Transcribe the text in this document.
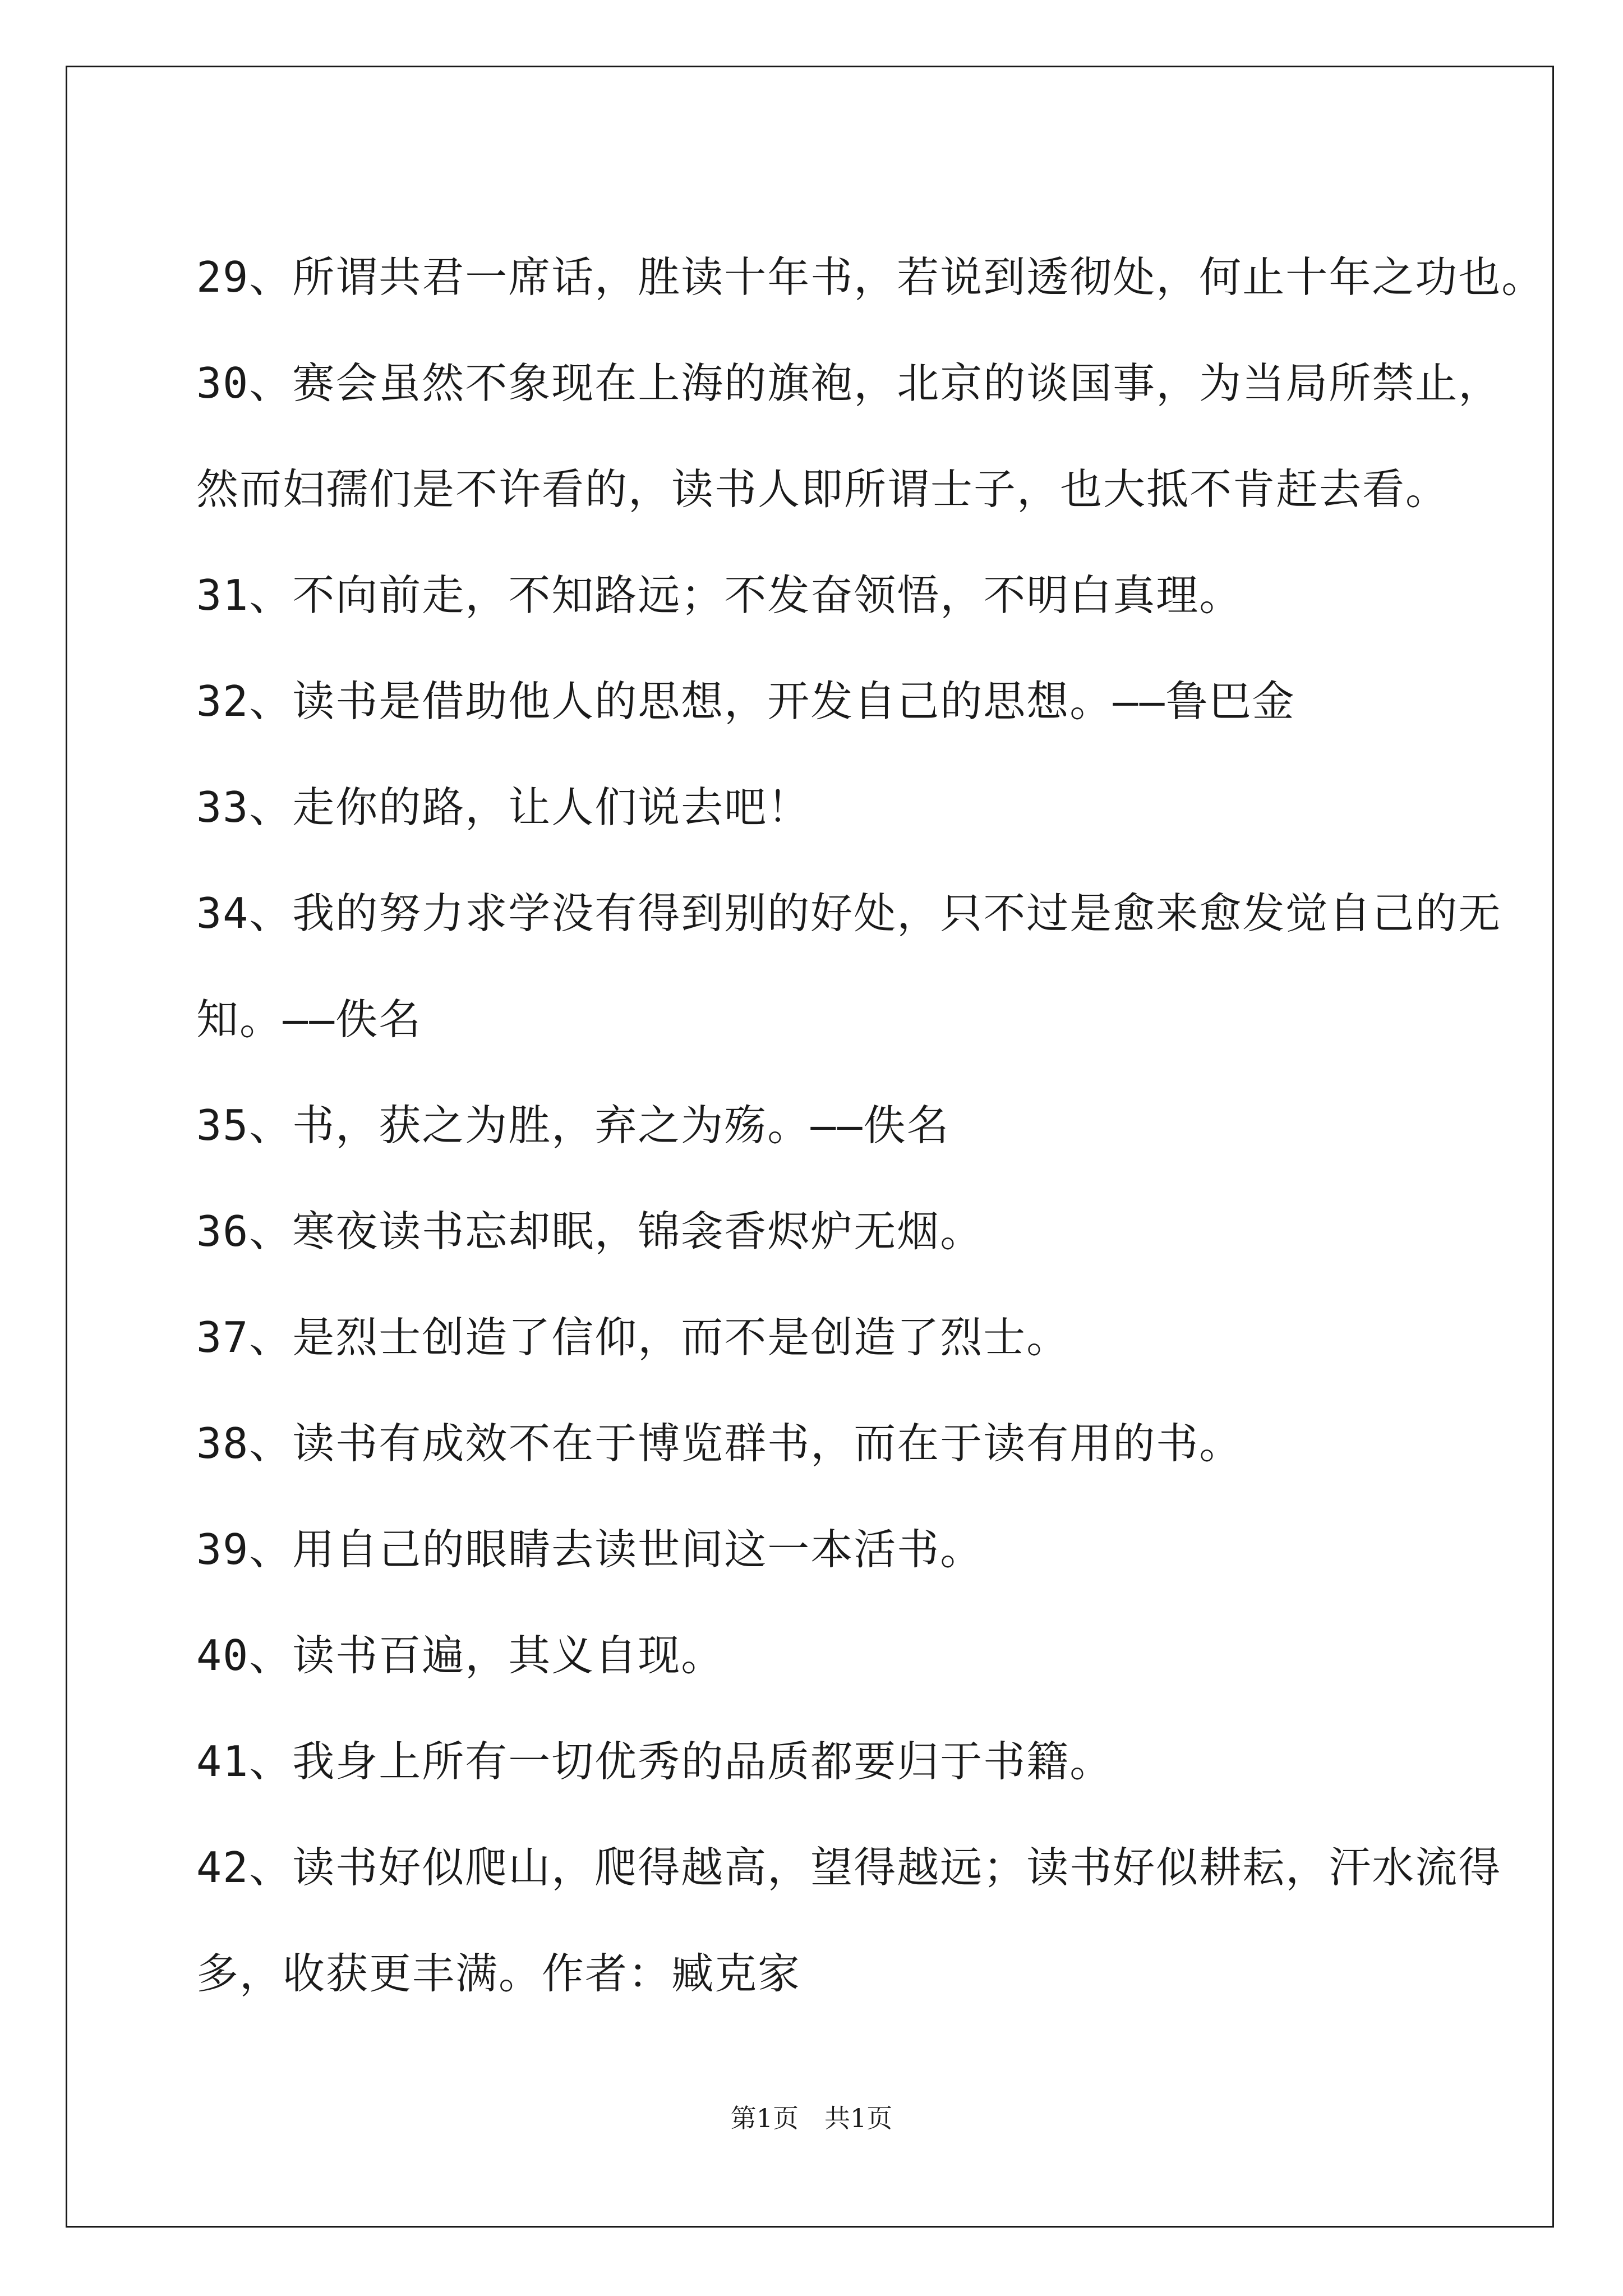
29、所谓共君一席话，胜读十年书，若说到透彻处，何止十年之功也。
30、赛会虽然不象现在上海的旗袍，北京的谈国事，为当局所禁止，
然而妇孺们是不许看的，读书人即所谓士子，也大抵不肯赶去看。
31、不向前走，不知路远；不发奋领悟，不明白真理。
32、读书是借助他人的思想，开发自己的思想。——鲁巴金
33、走你的路，让人们说去吧！
34、我的努力求学没有得到别的好处，只不过是愈来愈发觉自己的无
知。——佚名
35、书，获之为胜，弃之为殇。——佚名
36、寒夜读书忘却眠，锦衾香烬炉无烟。
37、是烈士创造了信仰，而不是创造了烈士。
38、读书有成效不在于博览群书，而在于读有用的书。
39、用自己的眼睛去读世间这一本活书。
40、读书百遍，其义自现。
41、我身上所有一切优秀的品质都要归于书籍。
42、读书好似爬山，爬得越高，望得越远；读书好似耕耘，汗水流得
多，收获更丰满。作者：臧克家
第1页　共1页
